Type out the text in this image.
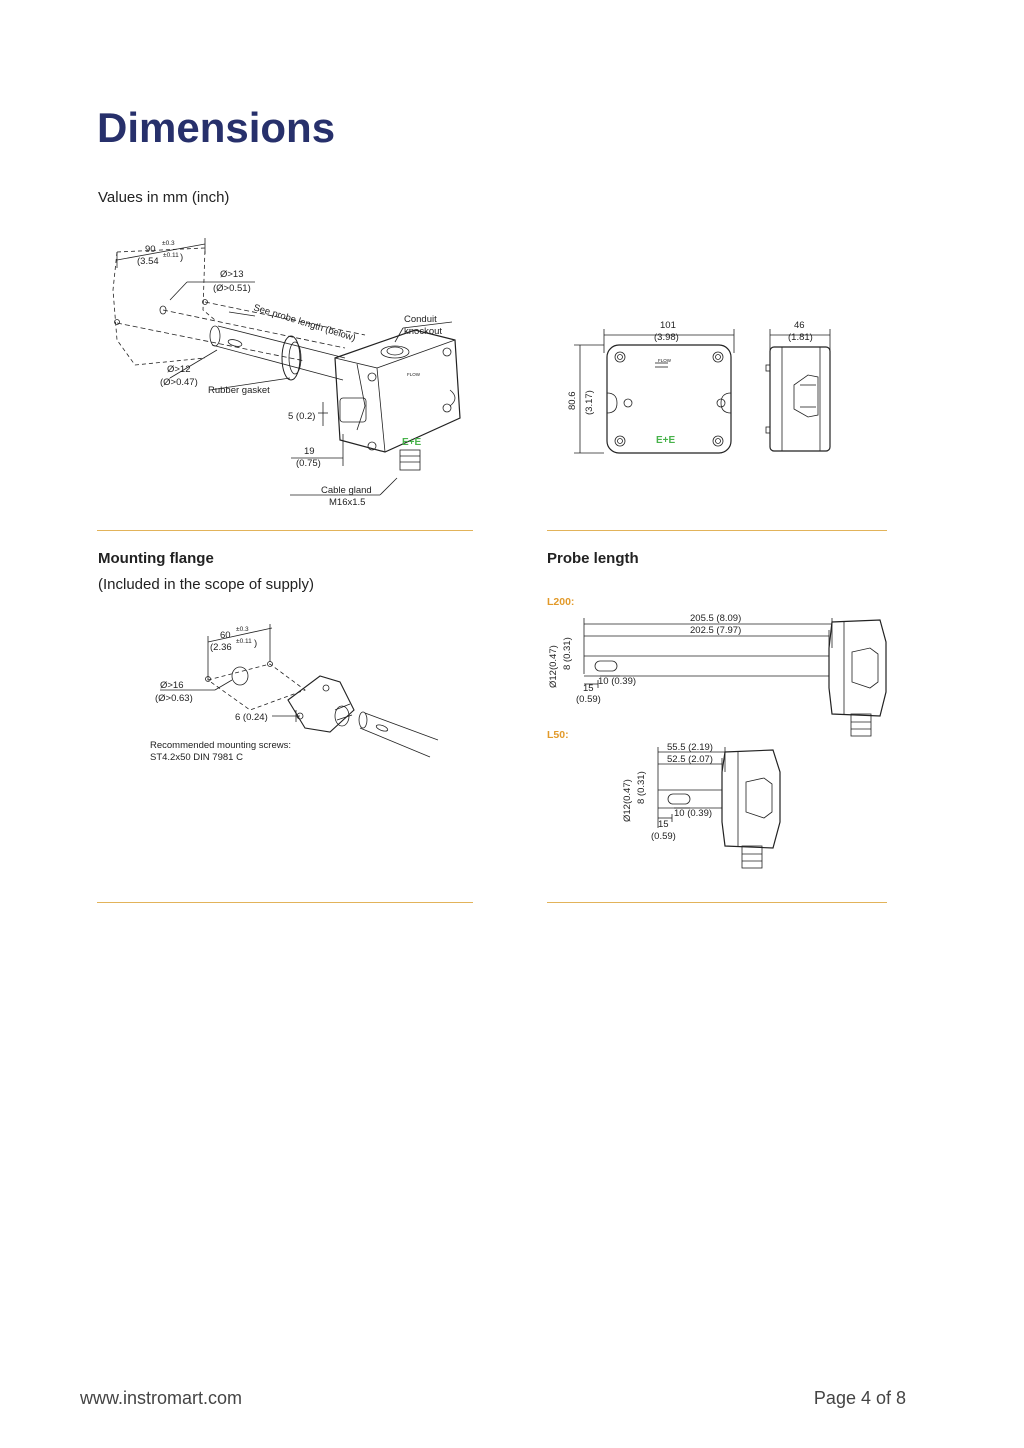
Dimensions
Values in mm (inch)
90
±0.3
(3.54
±0.11 )
Ø>13
(Ø>0.51)
See probe length (below)	Conduit
knockout
Ø>12
(Ø>0.47)
Rubber gasket
5 (0.2)
19
(0.75)
Cable gland
M16x1.5
FLOW
E+E
101
(3.98)
80.6 (3.17)
FLOW
E+E
46
(1.81)
Mounting flange
(Included in the scope of supply)
60
±0.3
(2.36
±0.11 )
Ø>16
(Ø>0.63)
6 (0.24)
Recommended mounting screws:
ST4.2x50 DIN 7981 C
Probe length
L200:
205.5 (8.09)
202.5 (7.97)
Ø12(0.47) 8 (0.31)
10 (0.39)
15
(0.59)
L50:
55.5 (2.19)
52.5 (2.07)
Ø12(0.47) 8 (0.31)
10 (0.39)
15
(0.59)
www.instromart.com	Page 4 of 8
